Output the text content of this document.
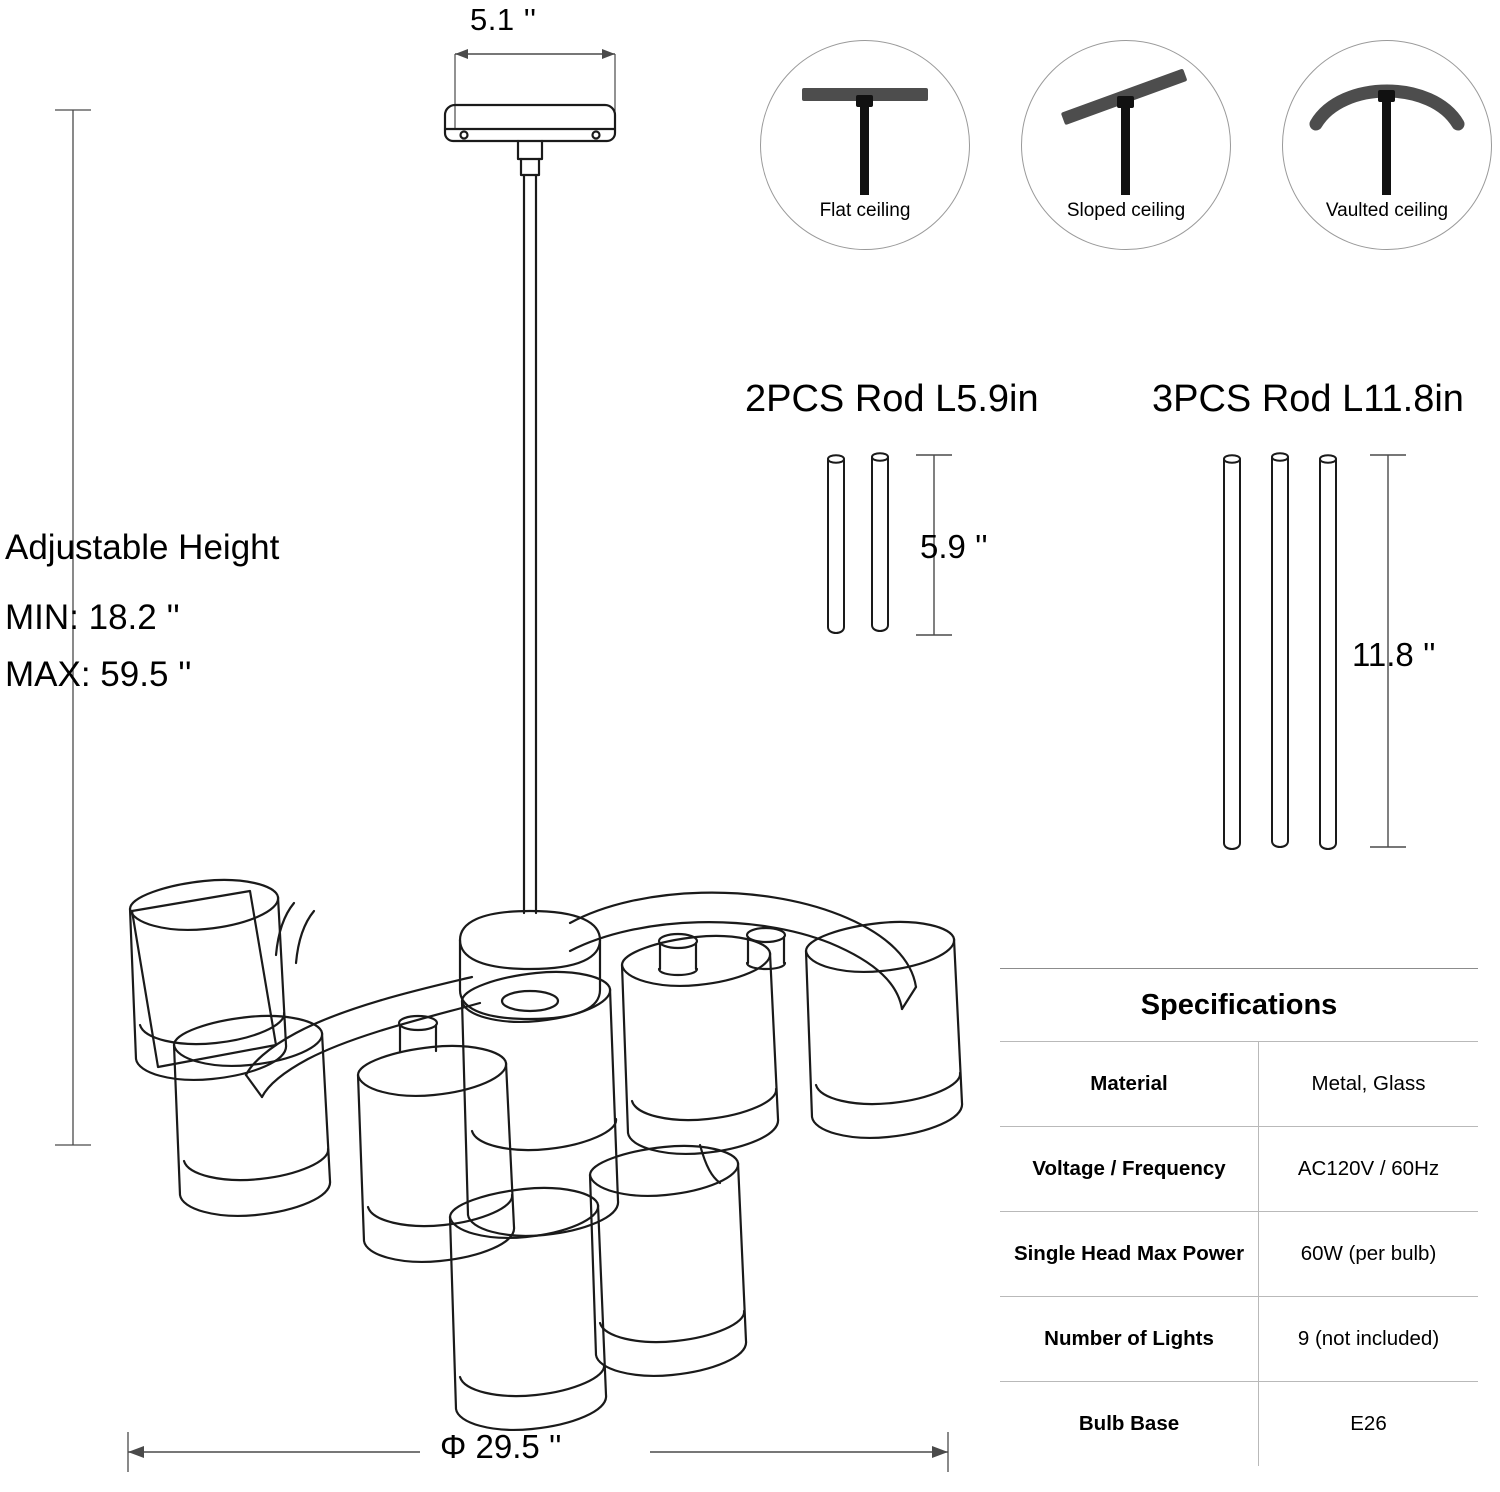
5.1 ''
Adjustable Height
MIN: 18.2 ''
MAX: 59.5 ''
Φ 29.5 ''
Flat ceiling	Sloped ceiling	Vaulted ceiling
2PCS Rod L5.9in
5.9 ''
3PCS Rod L11.8in
11.8 ''
Specifications	
Material	Metal, Glass
Voltage / Frequency	AC120V / 60Hz
Single Head Max Power	60W (per bulb)
Number of Lights	9 (not included)
Bulb Base	E26
